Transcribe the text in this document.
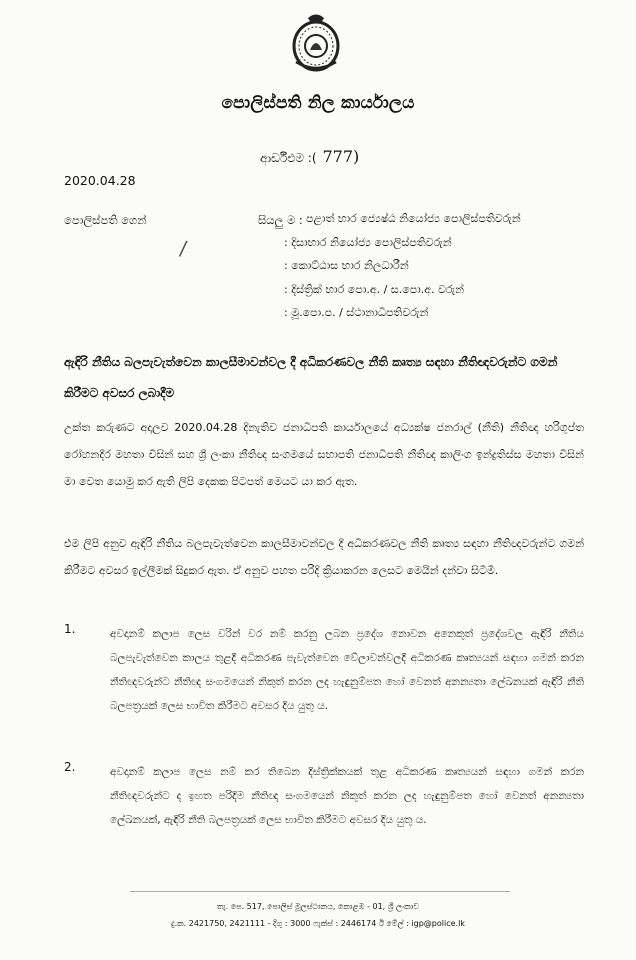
පොලිස්පති නිල කාර්යාලය
ආර්ඩිඑම :( 777)
2020.04.28
පොලිස්පති ගෙන්
/
සියලු ම : පළාත් භාර ජ්‍යෙෂ්ඨ නියෝජ්‍ය පොලිස්පතිවරුන්
: දිසාභාර නියෝජ්‍ය පොලිස්පතිවරුන්
: කොට්ඨාස භාර නිලධාරීන්
: දිස්ත්‍රික් භාර පො.අ. / ස.පො.අ. වරුන්
: මූ.පො.ප. / ස්ථානාධිපතිවරුන්
ඇඳිරි නීතිය බලපැවැත්වෙන කාලසීමාවන්වල දී අධිකරණවල නීති කෘත්‍ය සඳහා නීතිඥවරුන්ට ගමන් කිරීමට අවසර ලබාදීම
උක්ත කරුණට අදාලව 2020.04.28 දිනැතිව ජනාධිපති කාර්යාලයේ අධ්‍යක්ෂ ජනරාල් (නීති) නීතිඥ හරිගුප්ත රෝහනදීර මහතා විසින් සහ ශ්‍රී ලංකා නීතිඥ සංගමයේ සභාපති ජනාධිපති නීතිඥ කාලිංග ඉන්ද්‍රතිස්ස මහතා විසින් මා වෙත යොමු කර ඇති ලිපි දෙකක පිටපත් මෙයට යා කර ඇත.
එම ලිපි අනුව ඇඳිරි නීතිය බලපැවැත්වෙන කාලසීමාවන්වල දී අධිකරණවල නීති කෘත්‍ය සඳහා නීතිඥවරුන්ට ගමන් කිරීමට අවසර ඉල්ලීමක් සිදුකර ඇත. ඒ අනුව පහත පරිදි ක්‍රියාකරන ලෙසට මෙයින් දන්වා සිටිමි.
1.	අවදානම් කලාප ලෙස වරින් වර නම් කරනු ලබන ප්‍රදේශ නොවන අනෙකුත් ප්‍රදේශවල ඇඳිරි නීතිය බලපැවැත්වෙන කාලය තුළදී අධිකරණ පැවැත්වෙන වේලාවන්වලදී අධිකරණ කෘත්‍යයන් සඳහා ගමන් කරන නීතිඥවරුන්ට නීතිඥ සංගමයෙන් නිකුත් කරන ලද හැඳුනුම්පත හෝ වෙනත් අනන්‍යතා ලේඛනයක් ඇඳිරි නීති බලපත්‍රයක් ලෙස භාවිත කිරීමට අවසර දිය යුතු ය.
2.	අවදානම් කලාප ලෙස නම් කර තිබෙන දිස්ත්‍රික්කයක් තුළ අධිකරණ කෘත්‍යයන් සඳහා ගමන් කරන නීතිඥවරුන්ට ද ඉහත පරිදිම නීතිඥ සංගමයෙන් නිකුත් කරන ලද හැඳුනුම්පත හෝ වෙනත් අනන්‍යතා ලේඛනයක්, ඇඳිරි නීති බලපත්‍රයක් ලෙස භාවිත කිරීමට අවසර දිය යුතු ය.
තැ. පෙ. 517, පොලිස් මූලස්ථානය, කොළඹ - 01, ශ්‍රී ලංකාව
දු.ක. 2421750, 2421111 - දිගු : 3000 ෆැක්ස් : 2446174 ඊ මේල් : igp@police.lk
